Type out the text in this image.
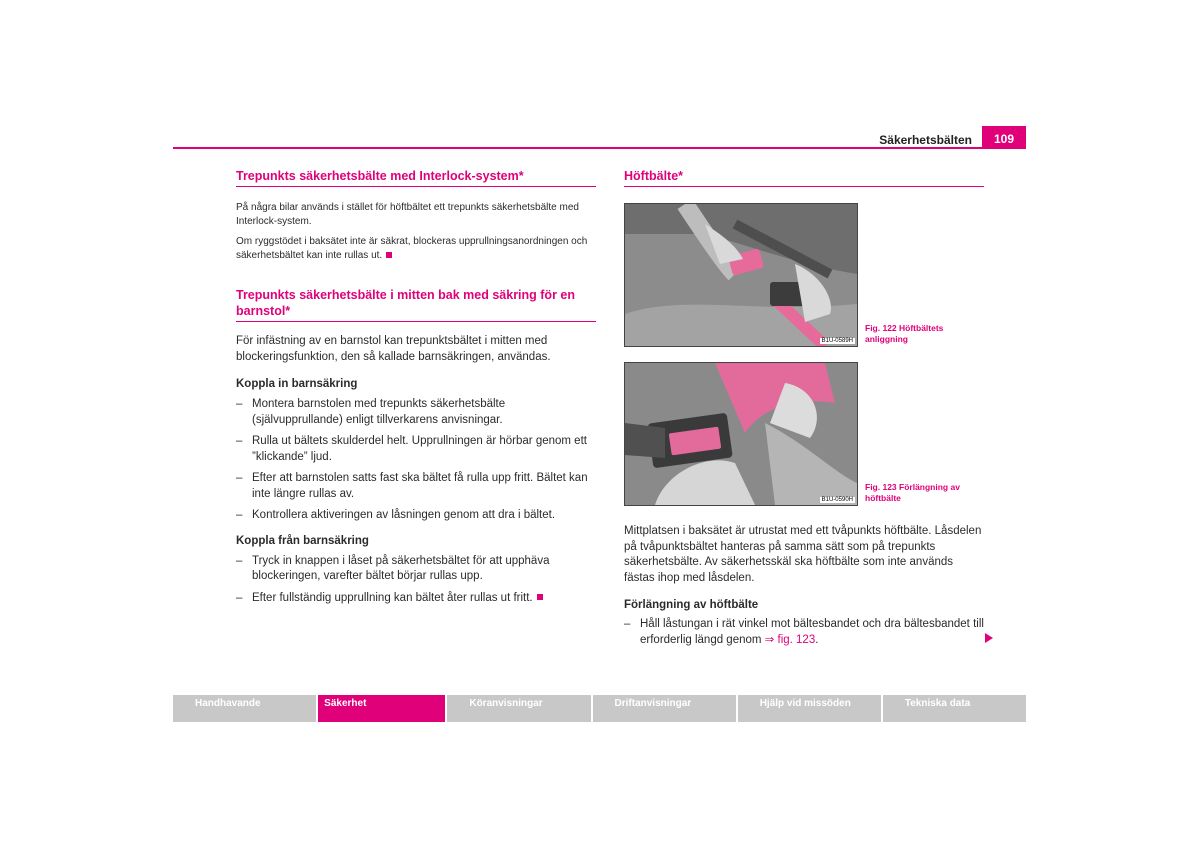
Säkerhetsbälten	109
Trepunkts säkerhetsbälte med Interlock-system*

På några bilar används i stället för höftbältet ett trepunkts säkerhetsbälte med Interlock-system.

Om ryggstödet i baksätet inte är säkrat, blockeras upprullningsanordningen och säkerhetsbältet kan inte rullas ut.

Trepunkts säkerhetsbälte i mitten bak med säkring för en barnstol*

För infästning av en barnstol kan trepunktsbältet i mitten med blockeringsfunktion, den så kallade barnsäkringen, användas.

Koppla in barnsäkring

– Montera barnstolen med trepunkts säkerhetsbälte (självupprullande) enligt tillverkarens anvisningar.
– Rulla ut bältets skulderdel helt. Upprullningen är hörbar genom ett ”klickande” ljud.
– Efter att barnstolen satts fast ska bältet få rulla upp fritt. Bältet kan inte längre rullas av.
– Kontrollera aktiveringen av låsningen genom att dra i bältet.

Koppla från barnsäkring

– Tryck in knappen i låset på säkerhetsbältet för att upphäva blockeringen, varefter bältet börjar rullas upp.
– Efter fullständig upprullning kan bältet åter rullas ut fritt.
Höftbälte*
B1U-0589H
Fig. 122 Höftbältets anliggning
B1U-0590H
Fig. 123 Förlängning av höftbälte

Mittplatsen i baksätet är utrustat med ett tvåpunkts höftbälte. Låsdelen på tvåpunktsbältet hanteras på samma sätt som på trepunkts säkerhetsbälte. Av säkerhetsskäl ska höftbälte som inte används fästas ihop med låsdelen.

Förlängning av höftbälte

– Håll låstungan i rät vinkel mot bältesbandet och dra bältesbandet till erforderlig längd genom ⇒ fig. 123.
Handhavande	Säkerhet	Köranvisningar	Driftanvisningar	Hjälp vid missöden	Tekniska data
